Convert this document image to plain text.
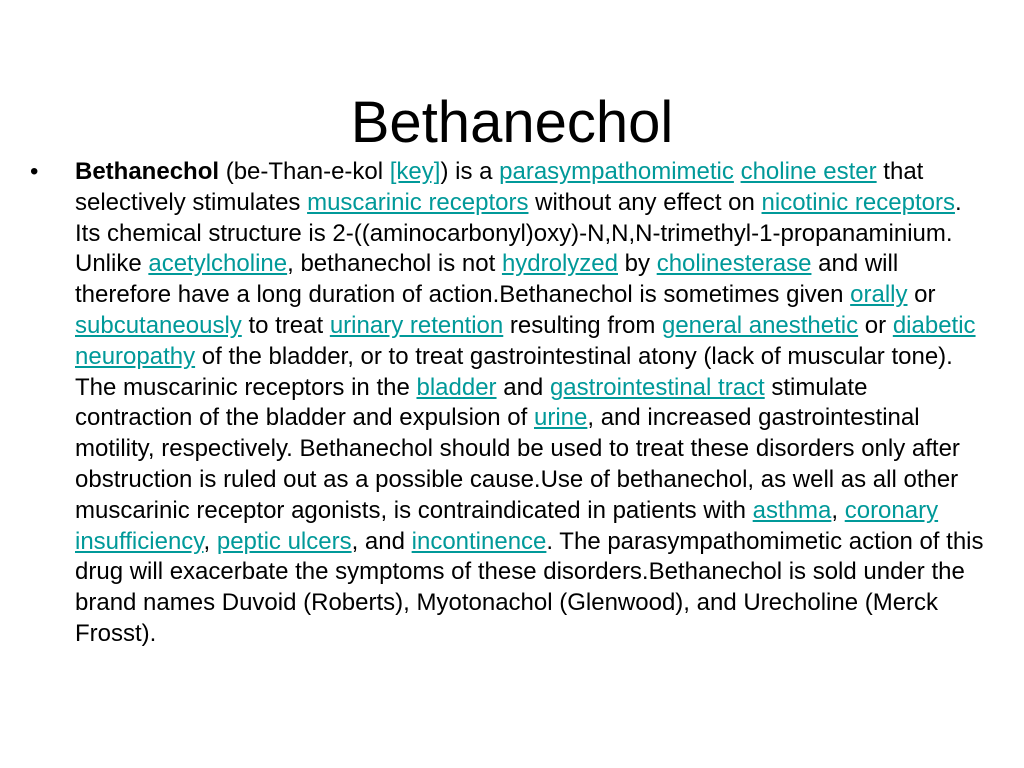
Bethanechol
•	Bethanechol (be-Than-e-kol [key]) is a parasympathomimetic choline ester that selectively stimulates muscarinic receptors without any effect on nicotinic receptors. Its chemical structure is 2-((aminocarbonyl)oxy)-N,N,N-trimethyl-1-propanaminium. Unlike acetylcholine, bethanechol is not hydrolyzed by cholinesterase and will therefore have a long duration of action.Bethanechol is sometimes given orally or subcutaneously to treat urinary retention resulting from general anesthetic or diabetic neuropathy of the bladder, or to treat gastrointestinal atony (lack of muscular tone). The muscarinic receptors in the bladder and gastrointestinal tract stimulate contraction of the bladder and expulsion of urine, and increased gastrointestinal motility, respectively. Bethanechol should be used to treat these disorders only after obstruction is ruled out as a possible cause.Use of bethanechol, as well as all other muscarinic receptor agonists, is contraindicated in patients with asthma, coronary insufficiency, peptic ulcers, and incontinence. The parasympathomimetic action of this drug will exacerbate the symptoms of these disorders.Bethanechol is sold under the brand names Duvoid (Roberts), Myotonachol (Glenwood), and Urecholine (Merck Frosst).
